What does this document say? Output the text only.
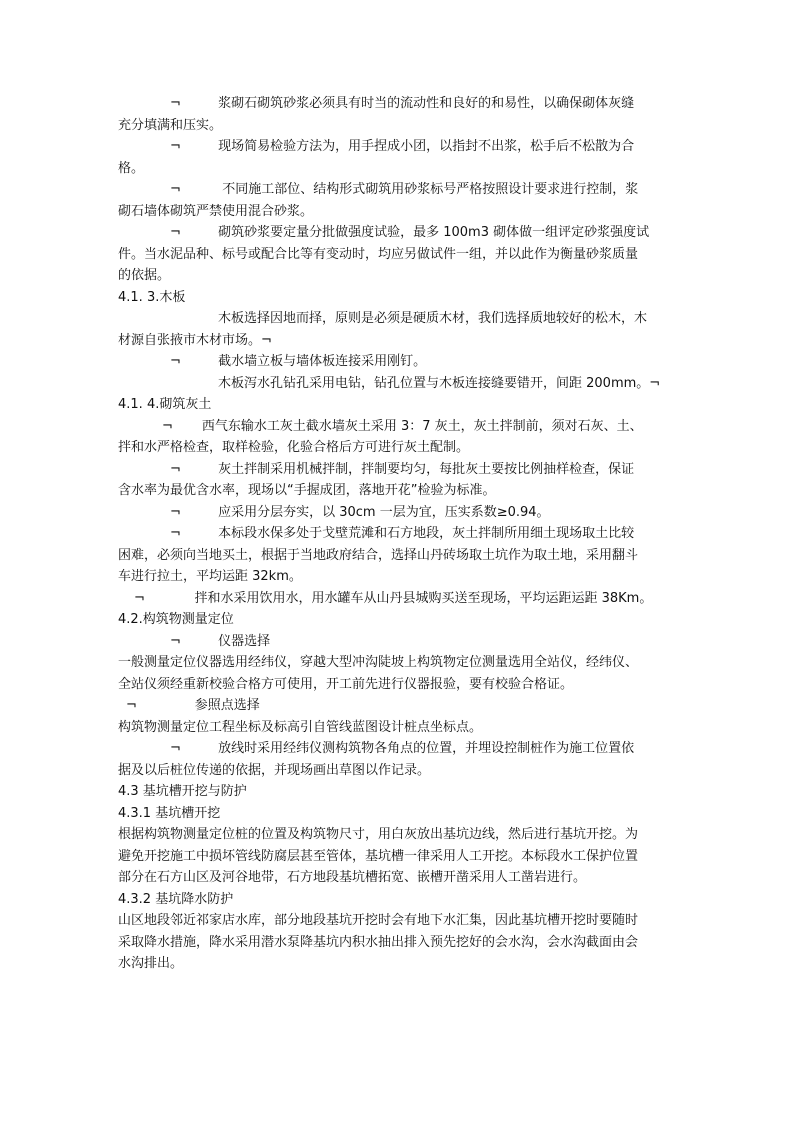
¬         浆砌石砌筑砂浆必须具有时当的流动性和良好的和易性，以确保砌体灰缝
充分填满和压实。
¬         现场简易检验方法为，用手捏成小团，以指封不出浆，松手后不松散为合
格。
¬          不同施工部位、结构形式砌筑用砂浆标号严格按照设计要求进行控制，浆
砌石墙体砌筑严禁使用混合砂浆。
¬         砌筑砂浆要定量分批做强度试验，最多 100m3 砌体做一组评定砂浆强度试
件。当水泥品种、标号或配合比等有变动时，均应另做试件一组，并以此作为衡量砂浆质量
的依据。
4.1. 3.木板
木板选择因地而择，原则是必须是硬质木材，我们选择质地较好的松木，木
材源自张掖市木材市场。¬
¬         截水墙立板与墙体板连接采用刚钉。
木板泻水孔钻孔采用电钻，钻孔位置与木板连接缝要错开，间距 200mm。¬
4.1. 4.砌筑灰土
¬       西气东输水工灰土截水墙灰土采用 3：7 灰土，灰土拌制前，须对石灰、土、
拌和水严格检查，取样检验，化验合格后方可进行灰土配制。
¬         灰土拌制采用机械拌制，拌制要均匀，每批灰土要按比例抽样检查，保证
含水率为最优含水率，现场以“手握成团，落地开花”检验为标准。
¬         应采用分层夯实，以 30cm 一层为宜，压实系数≥0.94。
¬         本标段水保多处于戈壁荒滩和石方地段，灰土拌制所用细土现场取土比较
困难，必须向当地买土，根据于当地政府结合，选择山丹砖场取土坑作为取土地，采用翻斗
车进行拉土，平均运距 32km。
¬            拌和水采用饮用水，用水罐车从山丹县城购买送至现场，平均运距运距 38Km。
4.2.构筑物测量定位
¬         仪器选择
一般测量定位仪器选用经纬仪，穿越大型冲沟陡坡上构筑物定位测量选用全站仪，经纬仪、
全站仪须经重新校验合格方可使用，开工前先进行仪器报验，要有校验合格证。
¬              参照点选择
构筑物测量定位工程坐标及标高引自管线蓝图设计桩点坐标点。
¬         放线时采用经纬仪测构筑物各角点的位置，并埋设控制桩作为施工位置依
据及以后桩位传递的依据，并现场画出草图以作记录。
4.3 基坑槽开挖与防护
4.3.1 基坑槽开挖
根据构筑物测量定位桩的位置及构筑物尺寸，用白灰放出基坑边线，然后进行基坑开挖。为
避免开挖施工中损坏管线防腐层甚至管体，基坑槽一律采用人工开挖。本标段水工保护位置
部分在石方山区及河谷地带，石方地段基坑槽拓宽、嵌槽开凿采用人工凿岩进行。
4.3.2 基坑降水防护
山区地段邻近祁家店水库，部分地段基坑开挖时会有地下水汇集，因此基坑槽开挖时要随时
采取降水措施，降水采用潜水泵降基坑内积水抽出排入预先挖好的会水沟，会水沟截面由会
水沟排出。
